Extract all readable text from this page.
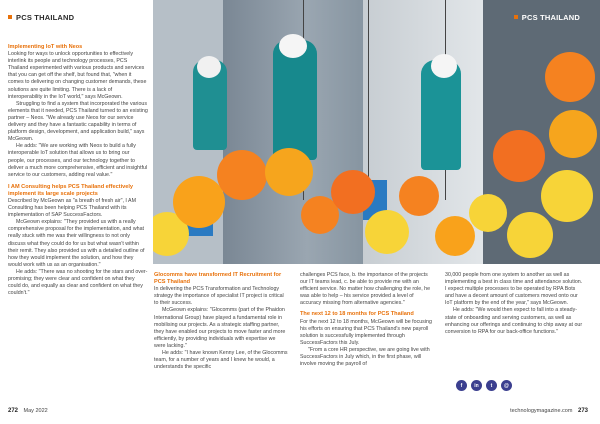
PCS THAILAND	PCS THAILAND
Implementing IoT with Neos

Looking for ways to unlock opportunities to effectively interlink its people and technology processes, PCS Thailand experimented with various products and services that you can get off the shelf, but found that, "when it comes to delivering on changing customer demands, these solutions are quite limiting. There is a lack of interoperability in the IoT world," says McGeown.

Struggling to find a system that incorporated the various elements that it needed, PCS Thailand turned to an existing partner – Neos. "We already use Neos for our service delivery and they have a fantastic capability in terms of platform design, development, and application build," says McGeown.

He adds: "We are working with Neos to build a fully interoperable IoT solution that allows us to bring our people, our processes, and our technology together to deliver a much more comprehensive, efficient and insightful service to our customers, adding real value."

I AM Consulting helps PCS Thailand effectively implement its large scale projects

Described by McGeown as "a breath of fresh air", I AM Consulting has been helping PCS Thailand with its implementation of SAP SuccessFactors.

McGeown explains: "They provided us with a really comprehensive proposal for the implementation, and what really stuck with me was their willingness to not only discuss what they could do for us but what wasn't within their remit. They also provided us with a detailed outline of how they would implement the solution, and how they would work with us as an organisation."

He adds: "There was no shooting for the stars and over-promising; they were clear and confident on what they could do, and equally as clear and confident on what they couldn't."

Glocomms have transformed IT Recruitment for PCS Thailand

In delivering the PCS Transformation and Technology strategy the importance of specialist IT project is critical to their success.

McGeown explains: "Glocomms (part of the Phaidon International Group) have played a fundamental role in mobilising our projects. As a strategic staffing partner, they have enabled our projects to move faster and more efficiently, by providing individuals with expertise we were lacking."

He adds: "I have known Kenny Lee, of the Glocomms team, for a number of years and I knew he would, a understands the specific

challenges PCS face, b. the importance of the projects our IT teams lead, c. be able to provide me with an efficient service. No matter how challenging the role, he was able to help – his service provided a level of accuracy missing from alternative agencies."

The next 12 to 18 months for PCS Thailand

For the next 12 to 18 months, McGeown will be focusing his efforts on ensuring that PCS Thailand's new payroll solution is successfully implemented through SuccessFactors this July.

"From a core HR perspective, we are going live with SuccessFactors in July which, in the first phase, will involve moving the payroll of

30,000 people from one system to another as well as implementing a best in class time and attendance solution. I expect multiple processes to be operated by RPA Bots and have a decent amount of customers moved onto our IoT platform by the end of the year," says McGeown.

He adds: "We would then expect to fall into a steady-state of onboarding and serving customers, as well as enhancing our offerings and continuing to chip away at our conversion to RPA for our back-office functions."

f	in	t	@
272 May 2022	technologymagazine.com 273
